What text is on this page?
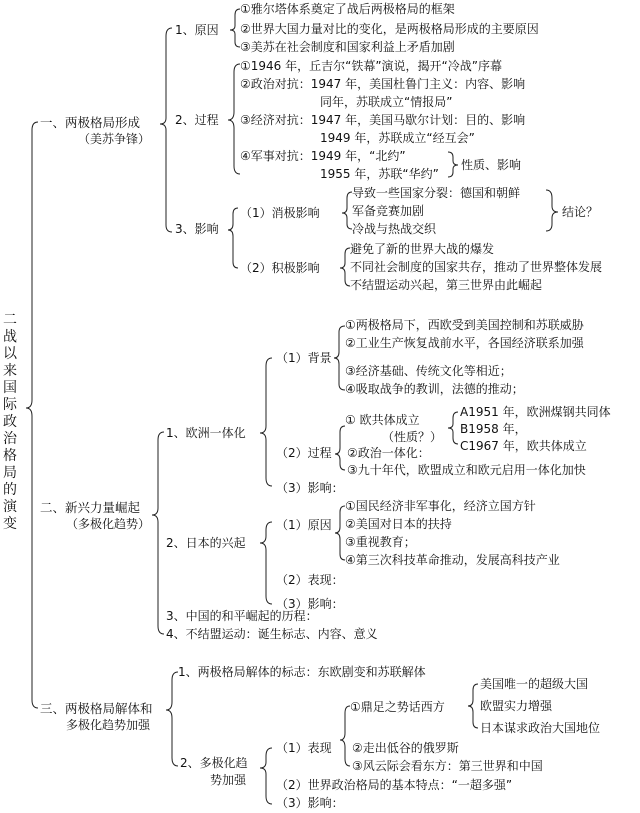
二战以来国际政治格局的演变
一、两极格局形成
（美苏争锋）
1、原因
①雅尔塔体系奠定了战后两极格局的框架
②世界大国力量对比的变化，是两极格局形成的主要原因
③美苏在社会制度和国家利益上矛盾加剧
2、过程
①1946 年，丘吉尔“铁幕”演说，揭开“冷战”序幕
②政治对抗：1947 年，美国杜鲁门主义：内容、影响
同年，苏联成立“情报局”
③经济对抗：1947 年，美国马歇尔计划：目的、影响
1949 年，苏联成立“经互会”
④军事对抗：1949 年，“北约”
1955 年，苏联“华约”
性质、影响
3、影响
（1）消极影响
导致一些国家分裂：德国和朝鲜
军备竞赛加剧
冷战与热战交织
结论？
（2）积极影响
避免了新的世界大战的爆发
不同社会制度的国家共存，推动了世界整体发展
不结盟运动兴起，第三世界由此崛起
二、新兴力量崛起
（多极化趋势）
1、欧洲一体化
（1）背景
①两极格局下，西欧受到美国控制和苏联威胁
②工业生产恢复战前水平，各国经济联系加强
③经济基础、传统文化等相近；
④吸取战争的教训，法德的推动；
（2）过程
① 欧共体成立
（性质？）
A1951 年，欧洲煤钢共同体
B1958 年，
C1967 年，欧共体成立
②政治一体化：
③九十年代，欧盟成立和欧元启用一体化加快
（3）影响：
2、日本的兴起
（1）原因
①国民经济非军事化，经济立国方针
②美国对日本的扶持
③重视教育；
④第三次科技革命推动，发展高科技产业
（2）表现：
（3）影响：
3、中国的和平崛起的历程：
4、不结盟运动：诞生标志、内容、意义
三、两极格局解体和
多极化趋势加强
1、两极格局解体的标志：东欧剧变和苏联解体
2、多极化趋
势加强
（1）表现
①鼎足之势话西方
美国唯一的超级大国
欧盟实力增强
日本谋求政治大国地位
②走出低谷的俄罗斯
③风云际会看东方：第三世界和中国
（2）世界政治格局的基本特点：“一超多强”
（3）影响：
